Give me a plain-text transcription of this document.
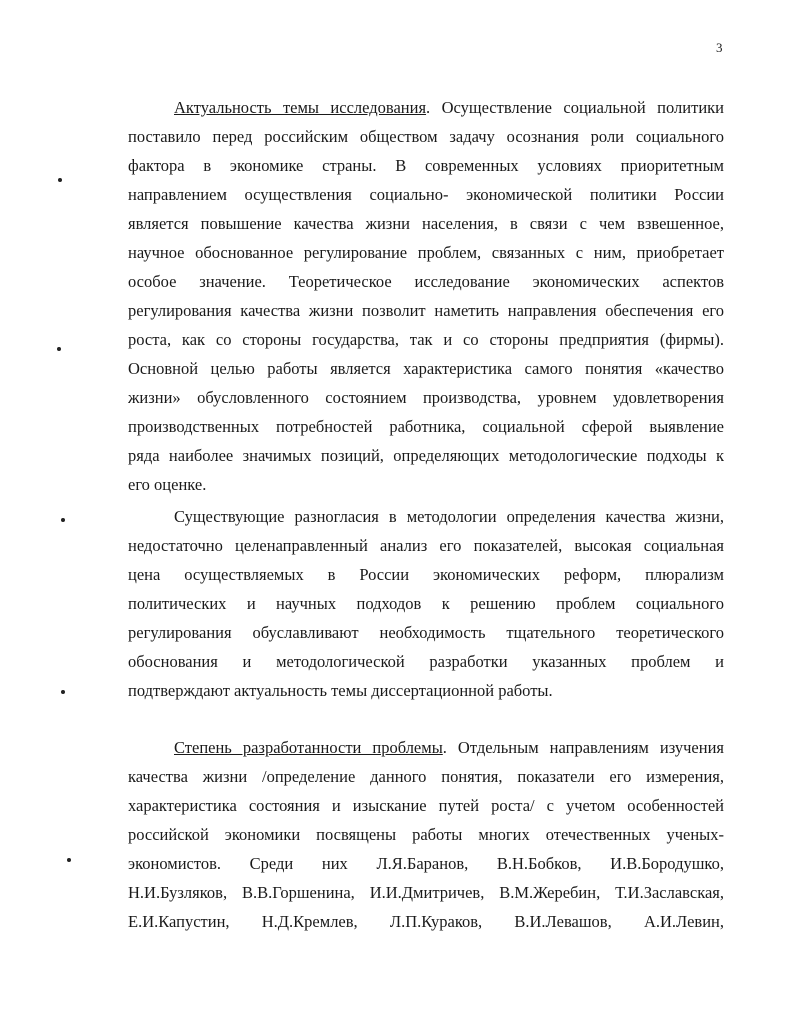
3
Актуальность темы исследования. Осуществление социальной политики
поставило перед российским обществом задачу осознания роли социального
фактора в экономике страны. В современных условиях приоритетным
направлением осуществления социально- экономической политики России
является повышение качества жизни населения, в связи с чем взвешенное,
научное обоснованное регулирование проблем, связанных с ним, приобретает
особое значение. Теоретическое исследование экономических аспектов
регулирования качества жизни позволит наметить направления обеспечения его
роста, как со стороны государства, так и со стороны предприятия (фирмы).
Основной целью работы является характеристика самого понятия «качество
жизни» обусловленного состоянием производства, уровнем удовлетворения
производственных потребностей работника, социальной сферой выявление
ряда наиболее значимых позиций, определяющих методологические подходы к
его оценке.
Существующие разногласия в методологии определения качества жизни,
недостаточно целенаправленный анализ его показателей, высокая социальная
цена осуществляемых в России экономических реформ, плюрализм
политических и научных подходов к решению проблем социального
регулирования обуславливают необходимость тщательного теоретического
обоснования и методологической разработки указанных проблем и
подтверждают актуальность темы диссертационной работы.
Степень разработанности проблемы. Отдельным направлениям изучения
качества жизни /определение данного понятия, показатели его измерения,
характеристика состояния и изыскание путей роста/ с учетом особенностей
российской экономики посвящены работы многих отечественных ученых-
экономистов. Среди них Л.Я.Баранов, В.Н.Бобков, И.В.Бородушко,
Н.И.Бузляков, В.В.Горшенина, И.И.Дмитричев, В.М.Жеребин, Т.И.Заславская,
Е.И.Капустин, Н.Д.Кремлев, Л.П.Кураков, В.И.Левашов, А.И.Левин,
